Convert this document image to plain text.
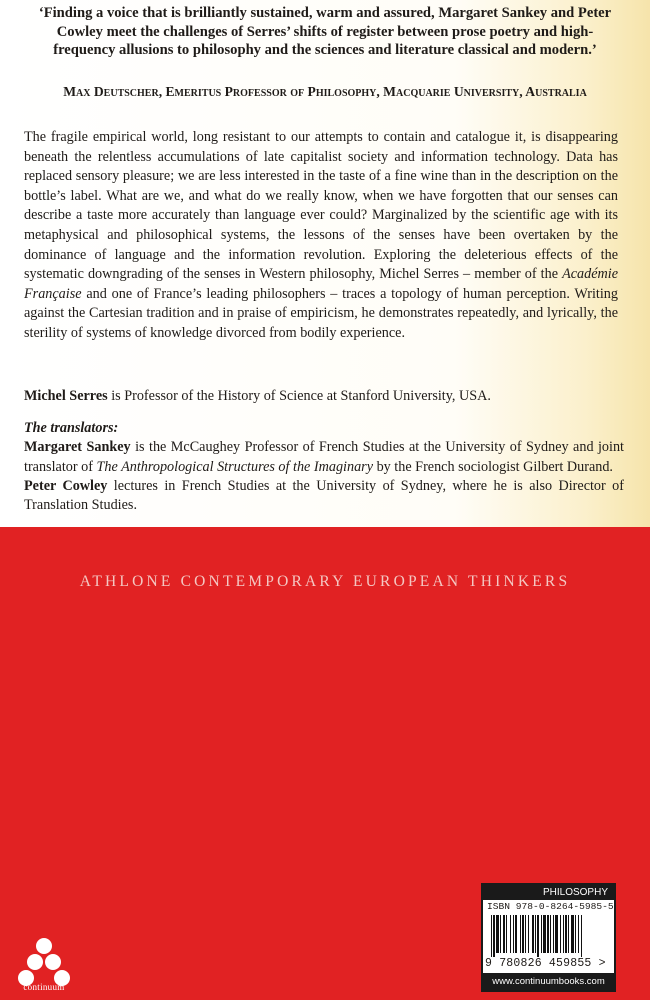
‘Finding a voice that is brilliantly sustained, warm and assured, Margaret Sankey and Peter Cowley meet the challenges of Serres’ shifts of register between prose poetry and high-frequency allusions to philosophy and the sciences and literature classical and modern.’

Max Deutscher, Emeritus Professor of Philosophy, Macquarie University, Australia

The fragile empirical world, long resistant to our attempts to contain and catalogue it, is disappearing beneath the relentless accumulations of late capitalist society and information technology. Data has replaced sensory pleasure; we are less interested in the taste of a fine wine than in the description on the bottle’s label. What are we, and what do we really know, when we have forgotten that our senses can describe a taste more accurately than language ever could? Marginalized by the scientific age with its metaphysical and philosophical systems, the lessons of the senses have been overtaken by the dominance of language and the information revolution. Exploring the deleterious effects of the systematic downgrading of the senses in Western philosophy, Michel Serres – member of the Académie Française and one of France’s leading philosophers – traces a topology of human perception. Writing against the Cartesian tradition and in praise of empiricism, he demonstrates repeatedly, and lyrically, the sterility of systems of knowledge divorced from bodily experience.

Michel Serres is Professor of the History of Science at Stanford University, USA.

The translators:
Margaret Sankey is the McCaughey Professor of French Studies at the University of Sydney and joint translator of The Anthropological Structures of the Imaginary by the French sociologist Gilbert Durand.
Peter Cowley lectures in French Studies at the University of Sydney, where he is also Director of Translation Studies.
ATHLONE CONTEMPORARY EUROPEAN THINKERS
continuum
PHILOSOPHY
ISBN 978-0-8264-5985-5
9 780826 459855 >
www.continuumbooks.com
